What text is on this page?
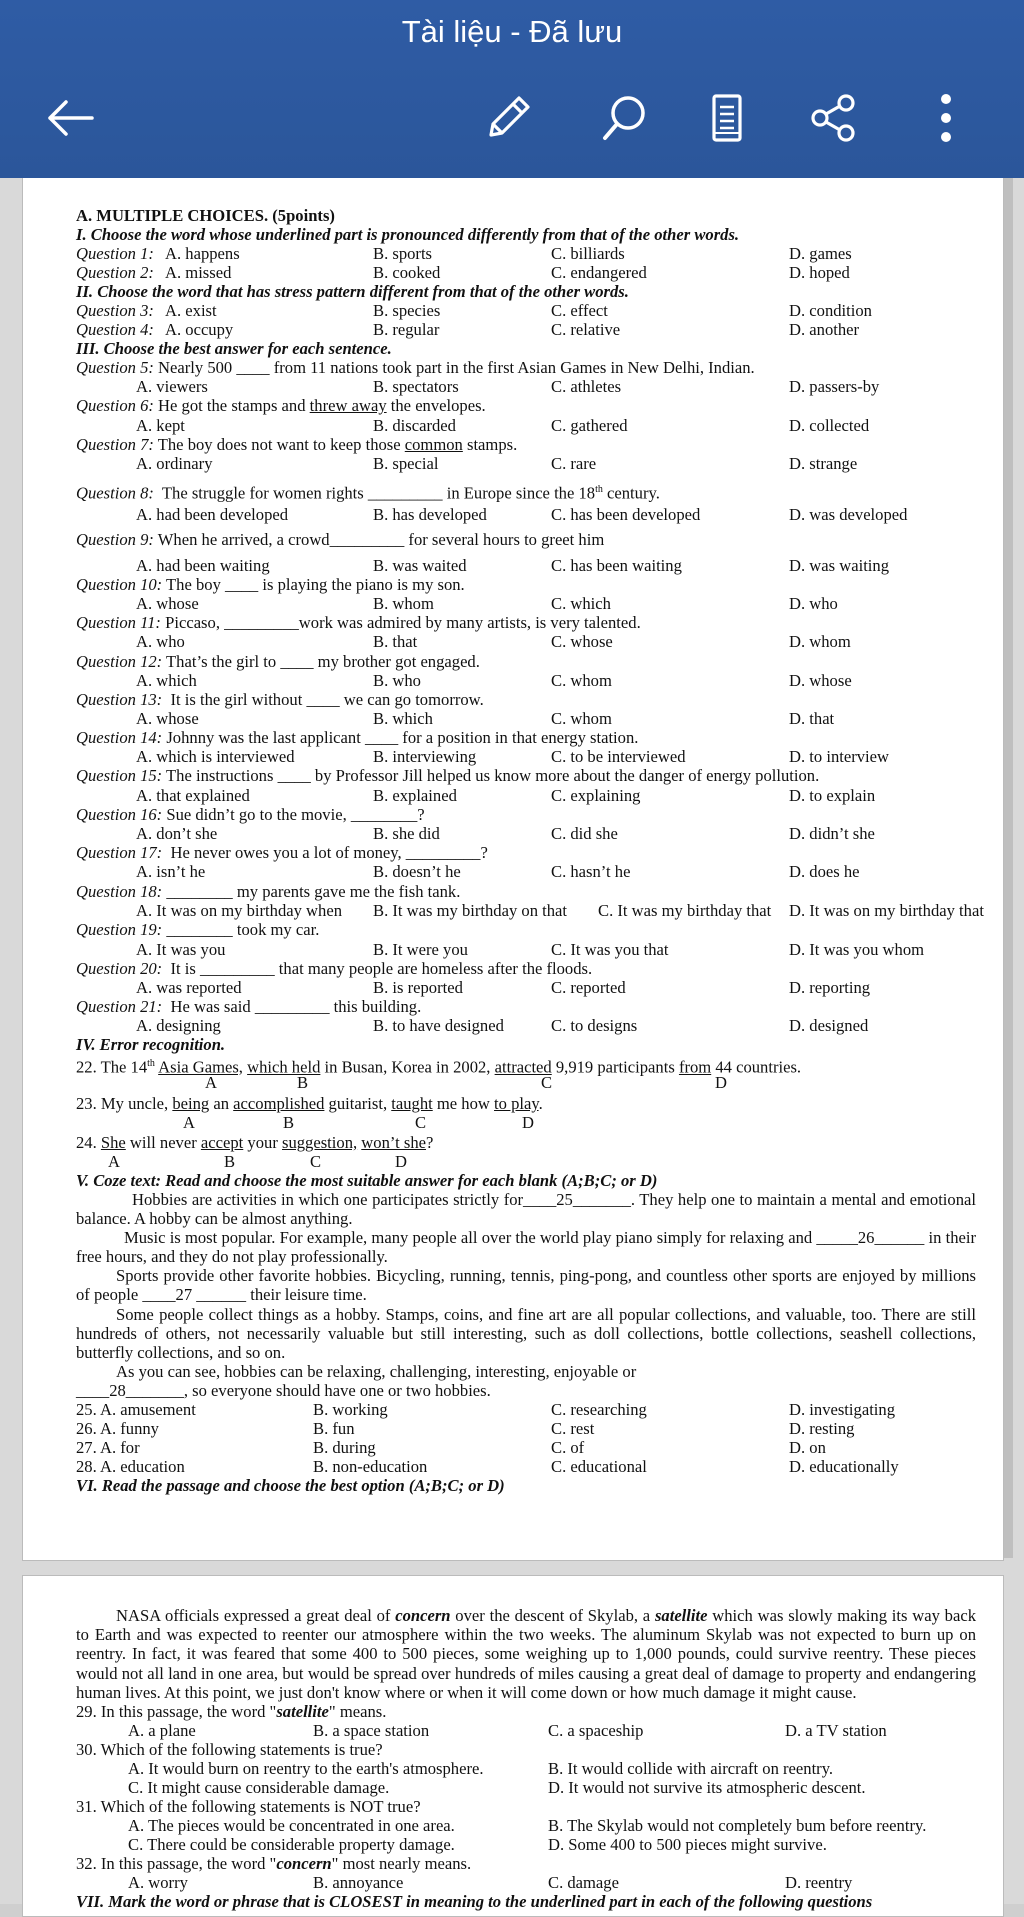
Tài liệu - Đã lưu
A. MULTIPLE CHOICES. (5points)
I. Choose the word whose underlined part is pronounced differently from that of the other words.
Question 1: A. happens	B. sports	C. billiards	D. games
Question 2: A. missed	B. cooked	C. endangered	D. hoped
II. Choose the word that has stress pattern different from that of the other words.
Question 3: A. exist	B. species	C. effect	D. condition
Question 4: A. occupy	B. regular	C. relative	D. another
III. Choose the best answer for each sentence.
Question 5: Nearly 500 ____ from 11 nations took part in the first Asian Games in New Delhi, Indian.
A. viewers	B. spectators	C. athletes	D. passers-by
Question 6: He got the stamps and threw away the envelopes.
A. kept	B. discarded	C. gathered	D. collected
Question 7: The boy does not want to keep those common stamps.
A. ordinary	B. special	C. rare	D. strange
Question 8: The struggle for women rights _________ in Europe since the 18th century.
A. had been developed	B. has developed	C. has been developed	D. was developed
Question 9: When he arrived, a crowd_________ for several hours to greet him
A. had been waiting	B. was waited	C. has been waiting	D. was waiting
Question 10: The boy ____ is playing the piano is my son.
A. whose	B. whom	C. which	D. who
Question 11: Piccaso, _________work was admired by many artists, is very talented.
A. who	B. that	C. whose	D. whom
Question 12: That’s the girl to ____ my brother got engaged.
A. which	B. who	C. whom	D. whose
Question 13: It is the girl without ____ we can go tomorrow.
A. whose	B. which	C. whom	D. that
Question 14: Johnny was the last applicant ____ for a position in that energy station.
A. which is interviewed	B. interviewing	C. to be interviewed	D. to interview
Question 15: The instructions ____ by Professor Jill helped us know more about the danger of energy pollution.
A. that explained	B. explained	C. explaining	D. to explain
Question 16: Sue didn’t go to the movie, ________?
A. don’t she	B. she did	C. did she	D. didn’t she
Question 17: He never owes you a lot of money, _________?
A. isn’t he	B. doesn’t he	C. hasn’t he	D. does he
Question 18: ________ my parents gave me the fish tank.
A. It was on my birthday when B. It was my birthday on that C. It was my birthday that D. It was on my birthday that
Question 19: ________ took my car.
A. It was you	B. It were you	C. It was you that	D. It was you whom
Question 20: It is _________ that many people are homeless after the floods.
A. was reported	B. is reported	C. reported	D. reporting
Question 21: He was said _________ this building.
A. designing	B. to have designed	C. to designs	D. designed
IV. Error recognition.
22. The 14th Asia Games, which held in Busan, Korea in 2002, attracted 9,919 participants from 44 countries.
A	B	C	D
23. My uncle, being an accomplished guitarist, taught me how to play.
A	B	C	D
24. She will never accept your suggestion, won’t she?
A	B	C	D
V. Coze text: Read and choose the most suitable answer for each blank (A;B;C; or D)
Hobbies are activities in which one participates strictly for____25_______. They help one to maintain a mental and emotional balance. A hobby can be almost anything.
Music is most popular. For example, many people all over the world play piano simply for relaxing and _____26______ in their free hours, and they do not play professionally.
Sports provide other favorite hobbies. Bicycling, running, tennis, ping-pong, and countless other sports are enjoyed by millions of people ____27 ______ their leisure time.
Some people collect things as a hobby. Stamps, coins, and fine art are all popular collections, and valuable, too. There are still hundreds of others, not necessarily valuable but still interesting, such as doll collections, bottle collections, seashell collections, butterfly collections, and so on.
As you can see, hobbies can be relaxing, challenging, interesting, enjoyable or
____28_______, so everyone should have one or two hobbies.
25. A. amusement	B. working	C. researching	D. investigating
26. A. funny	B. fun	C. rest	D. resting
27. A. for	B. during	C. of	D. on
28. A. education	B. non-education	C. educational	D. educationally
VI. Read the passage and choose the best option (A;B;C; or D)
NASA officials expressed a great deal of concern over the descent of Skylab, a satellite which was slowly making its way back to Earth and was expected to reenter our atmosphere within the two weeks. The aluminum Skylab was not expected to burn up on reentry. In fact, it was feared that some 400 to 500 pieces, some weighing up to 1,000 pounds, could survive reentry. These pieces would not all land in one area, but would be spread over hundreds of miles causing a great deal of damage to property and endangering human lives. At this point, we just don't know where or when it will come down or how much damage it might cause.
29. In this passage, the word "satellite" means.
A. a plane	B. a space station	C. a spaceship	D. a TV station
30. Which of the following statements is true?
A. It would burn on reentry to the earth's atmosphere.	B. It would collide with aircraft on reentry.
C. It might cause considerable damage.	D. It would not survive its atmospheric descent.
31. Which of the following statements is NOT true?
A. The pieces would be concentrated in one area.	B. The Skylab would not completely bum before reentry.
C. There could be considerable property damage.	D. Some 400 to 500 pieces might survive.
32. In this passage, the word "concern" most nearly means.
A. worry	B. annoyance	C. damage	D. reentry
VII. Mark the word or phrase that is CLOSEST in meaning to the underlined part in each of the following questions
